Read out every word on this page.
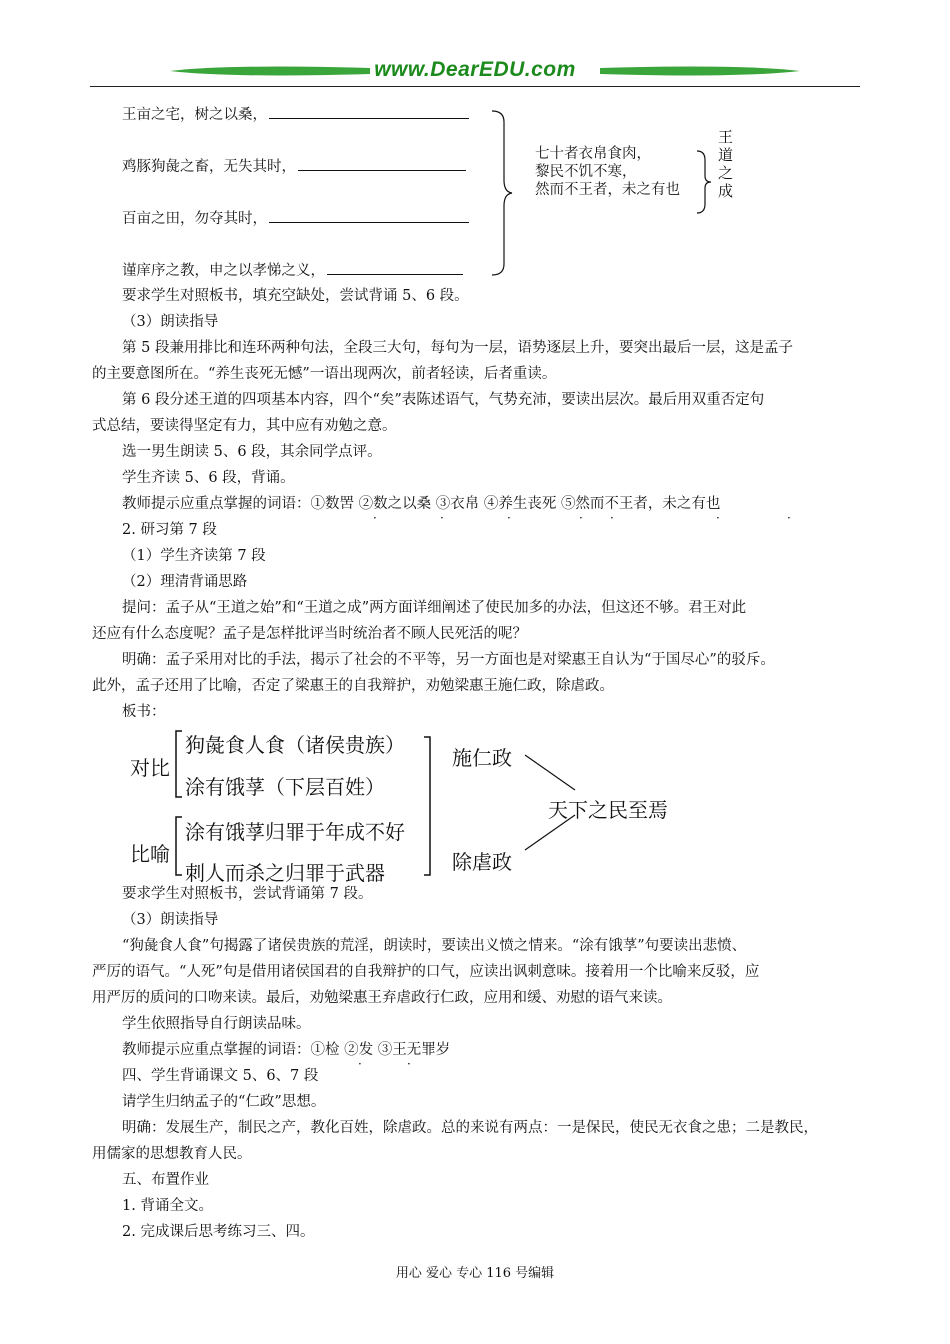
www.DearEDU.com
王亩之宅，树之以桑，
鸡豚狗彘之畜，无失其时，
百亩之田，勿夺其时，
谨庠序之教，申之以孝悌之义，
七十者衣帛食肉，
黎民不饥不寒，
然而不王者，未之有也
王道之成
要求学生对照板书，填充空缺处，尝试背诵 5、6 段。
（3）朗读指导
第 5 段兼用排比和连环两种句法，全段三大句，每句为一层，语势逐层上升，要突出最后一层，这是孟子
的主要意图所在。“养生丧死无憾”一语出现两次，前者轻读，后者重读。
第 6 段分述王道的四项基本内容，四个“矣”表陈述语气，气势充沛，要读出层次。最后用双重否定句
式总结，要读得坚定有力，其中应有劝勉之意。
选一男生朗读 5、6 段，其余同学点评。
学生齐读 5、6 段，背诵。
教师提示应重点掌握的词语：①数罟 ②数之以桑 ③衣帛 ④养生丧死 ⑤然而不王者，未之有也
·	·	·	· ·	·	·
2. 研习第 7 段
（1）学生齐读第 7 段
（2）理清背诵思路
提问：孟子从“王道之始”和“王道之成”两方面详细阐述了使民加多的办法，但这还不够。君王对此
还应有什么态度呢？孟子是怎样批评当时统治者不顾人民死活的呢？
明确：孟子采用对比的手法，揭示了社会的不平等，另一方面也是对梁惠王自认为“于国尽心”的驳斥。
此外，孟子还用了比喻，否定了梁惠王的自我辩护，劝勉梁惠王施仁政，除虐政。
板书：
对比
比喻
狗彘食人食（诸侯贵族）
涂有饿莩（下层百姓）
涂有饿莩归罪于年成不好
刺人而杀之归罪于武器
施仁政
除虐政
天下之民至焉
要求学生对照板书，尝试背诵第 7 段。
（3）朗读指导
“狗彘食人食”句揭露了诸侯贵族的荒淫，朗读时，要读出义愤之情来。“涂有饿莩”句要读出悲愤、
严厉的语气。“人死”句是借用诸侯国君的自我辩护的口气，应读出讽刺意味。接着用一个比喻来反驳，应
用严厉的质问的口吻来读。最后，劝勉梁惠王弃虐政行仁政，应用和缓、劝慰的语气来读。
学生依照指导自行朗读品味。
教师提示应重点掌握的词语：①检 ②发 ③王无罪岁
·	·
四、学生背诵课文 5、6、7 段
请学生归纳孟子的“仁政”思想。
明确：发展生产，制民之产，教化百姓，除虐政。总的来说有两点：一是保民，使民无衣食之患；二是教民，
用儒家的思想教育人民。
五、布置作业
1. 背诵全文。
2. 完成课后思考练习三、四。
用心 爱心 专心 116 号编辑
